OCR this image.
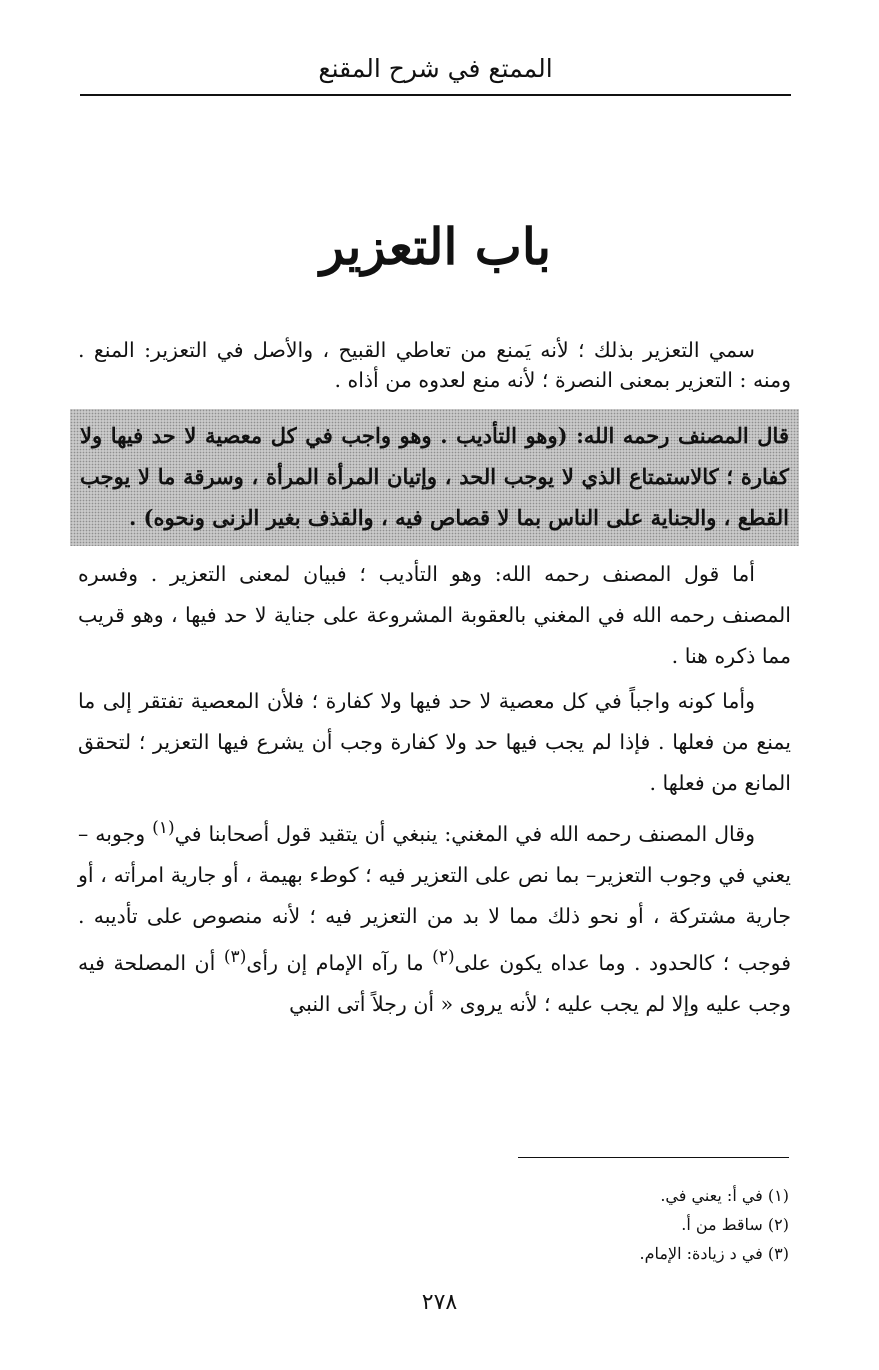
الممتع في شرح المقنع
باب التعزير

سمي التعزير بذلك ؛ لأنه يَمنع من تعاطي القبيح ، والأصل في التعزير: المنع . ومنه : التعزير بمعنى النصرة ؛ لأنه منع لعدوه من أذاه .

قال المصنف رحمه الله: (وهو التأديب . وهو واجب في كل معصية لا حد فيها ولا كفارة ؛ كالاستمتاع الذي لا يوجب الحد ، وإتيان المرأة المرأة ، وسرقة ما لا يوجب القطع ، والجناية على الناس بما لا قصاص فيه ، والقذف بغير الزنى ونحوه) .

أما قول المصنف رحمه الله: وهو التأديب ؛ فبيان لمعنى التعزير . وفسره المصنف رحمه الله في المغني بالعقوبة المشروعة على جناية لا حد فيها ، وهو قريب مما ذكره هنا .

وأما كونه واجباً في كل معصية لا حد فيها ولا كفارة ؛ فلأن المعصية تفتقر إلى ما يمنع من فعلها . فإذا لم يجب فيها حد ولا كفارة وجب أن يشرع فيها التعزير ؛ لتحقق المانع من فعلها .

وقال المصنف رحمه الله في المغني: ينبغي أن يتقيد قول أصحابنا في$^{(١)}$ وجوبه – يعني في وجوب التعزير– بما نص على التعزير فيه ؛ كوطء بهيمة ، أو جارية امرأته ، أو جارية مشتركة ، أو نحو ذلك مما لا بد من التعزير فيه ؛ لأنه منصوص على تأديبه . فوجب ؛ كالحدود . وما عداه يكون على$^{(٢)}$ ما رآه الإمام إن رأى$^{(٣)}$ أن المصلحة فيه وجب عليه وإلا لم يجب عليه ؛ لأنه يروى « أن رجلاً أتى النبي

(١) في أ: يعني في.

(٢) ساقط من أ.

(٣) في د زيادة: الإمام.

٢٧٨
